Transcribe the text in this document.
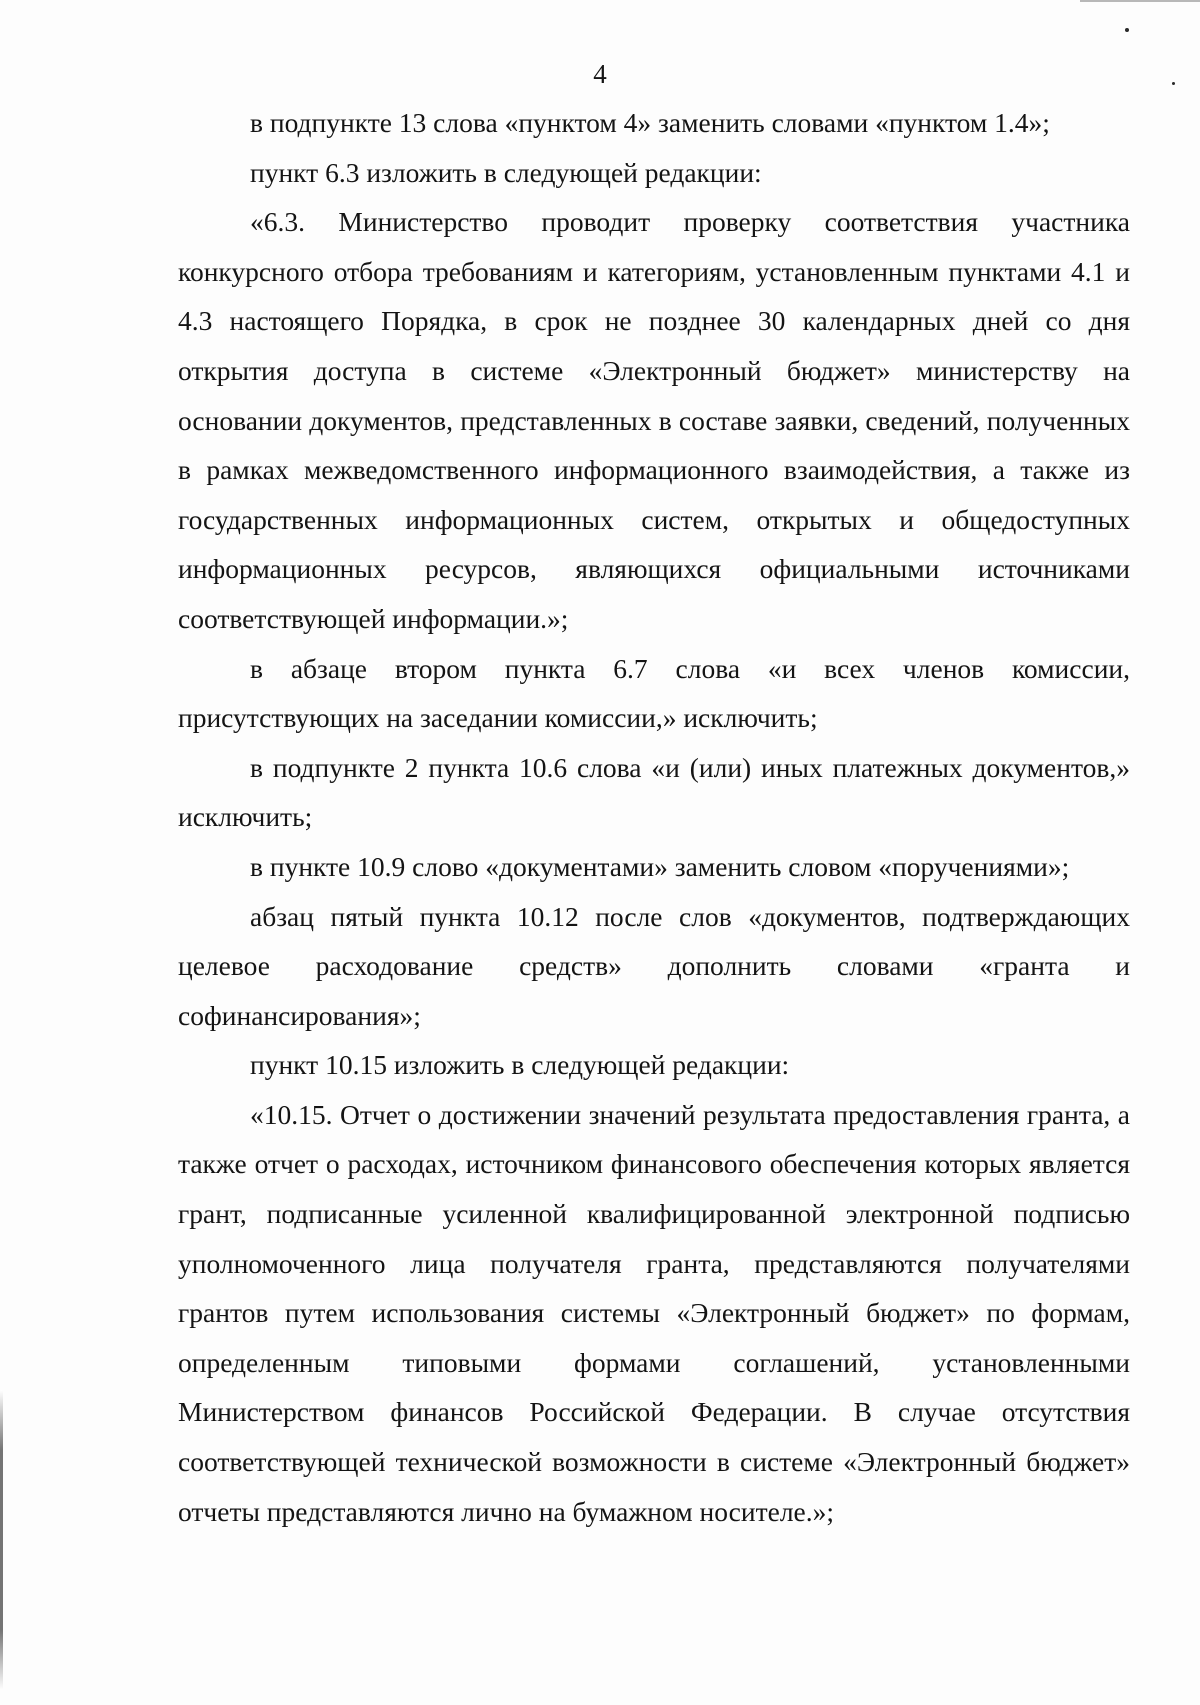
4

в подпункте 13 слова «пунктом 4» заменить словами «пунктом 1.4»;

пункт 6.3 изложить в следующей редакции:

«6.3. Министерство проводит проверку соответствия участника конкурсного отбора требованиям и категориям, установленным пунктами 4.1 и 4.3 настоящего Порядка, в срок не позднее 30 календарных дней со дня открытия доступа в системе «Электронный бюджет» министерству на основании документов, представленных в составе заявки, сведений, полученных в рамках межведомственного информационного взаимодействия, а также из государственных информационных систем, открытых и общедоступных информационных ресурсов, являющихся официальными источниками соответствующей информации.»;

в абзаце втором пункта 6.7 слова «и всех членов комиссии, присутствующих на заседании комиссии,» исключить;

в подпункте 2 пункта 10.6 слова «и (или) иных платежных документов,» исключить;

в пункте 10.9 слово «документами» заменить словом «поручениями»;

абзац пятый пункта 10.12 после слов «документов, подтверждающих целевое расходование средств» дополнить словами «гранта и софинансирования»;

пункт 10.15 изложить в следующей редакции:

«10.15. Отчет о достижении значений результата предоставления гранта, а также отчет о расходах, источником финансового обеспечения которых является грант, подписанные усиленной квалифицированной электронной подписью уполномоченного лица получателя гранта, представляются получателями грантов путем использования системы «Электронный бюджет» по формам, определенным типовыми формами соглашений, установленными Министерством финансов Российской Федерации. В случае отсутствия соответствующей технической возможности в системе «Электронный бюджет» отчеты представляются лично на бумажном носителе.»;
